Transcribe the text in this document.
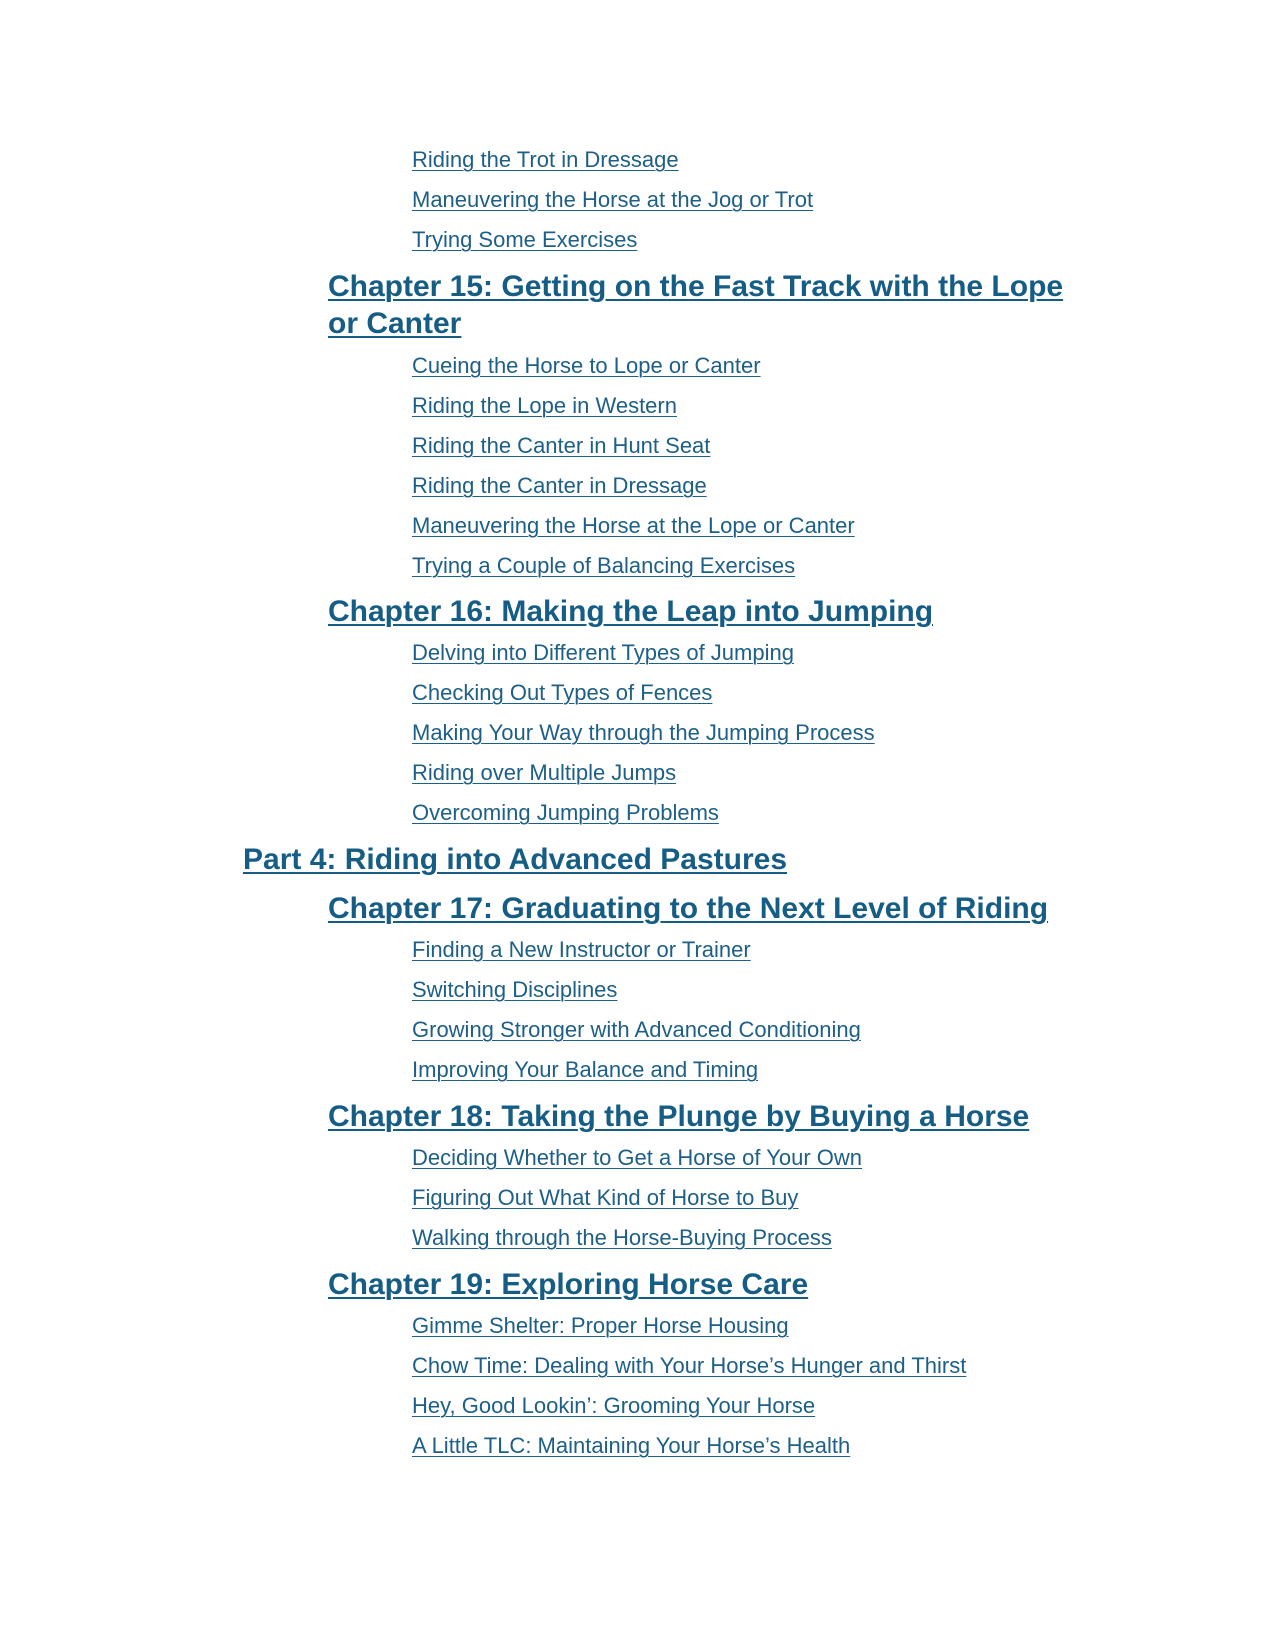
Riding the Trot in Dressage
Maneuvering the Horse at the Jog or Trot
Trying Some Exercises
Chapter 15: Getting on the Fast Track with the Lope
or Canter
Cueing the Horse to Lope or Canter
Riding the Lope in Western
Riding the Canter in Hunt Seat
Riding the Canter in Dressage
Maneuvering the Horse at the Lope or Canter
Trying a Couple of Balancing Exercises
Chapter 16: Making the Leap into Jumping
Delving into Different Types of Jumping
Checking Out Types of Fences
Making Your Way through the Jumping Process
Riding over Multiple Jumps
Overcoming Jumping Problems
Part 4: Riding into Advanced Pastures
Chapter 17: Graduating to the Next Level of Riding
Finding a New Instructor or Trainer
Switching Disciplines
Growing Stronger with Advanced Conditioning
Improving Your Balance and Timing
Chapter 18: Taking the Plunge by Buying a Horse
Deciding Whether to Get a Horse of Your Own
Figuring Out What Kind of Horse to Buy
Walking through the Horse-Buying Process
Chapter 19: Exploring Horse Care
Gimme Shelter: Proper Horse Housing
Chow Time: Dealing with Your Horse’s Hunger and Thirst
Hey, Good Lookin’: Grooming Your Horse
A Little TLC: Maintaining Your Horse’s Health
